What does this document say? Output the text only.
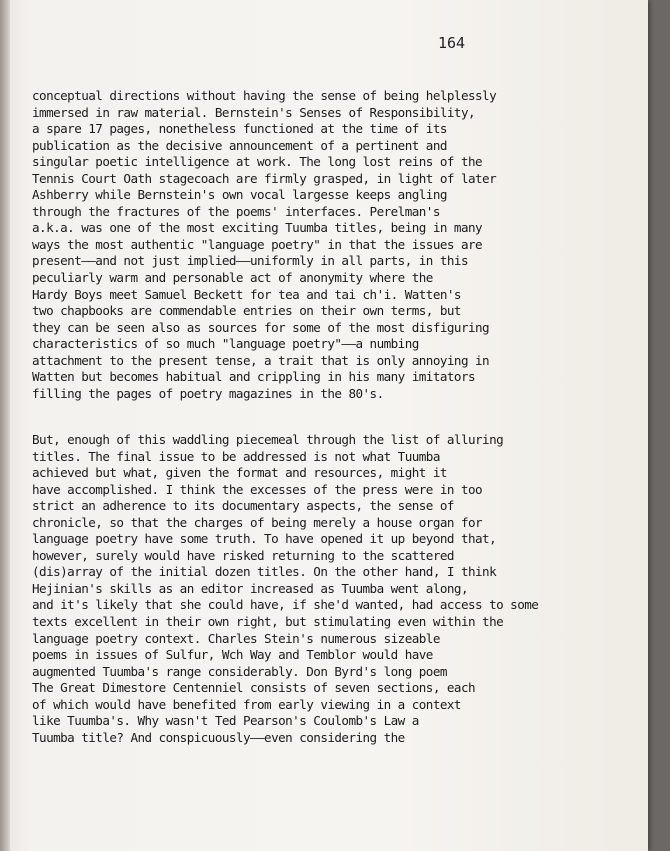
164
conceptual directions without having the sense of being helplessly
immersed in raw material. Bernstein's Senses of Responsibility,
a spare 17 pages, nonetheless functioned at the time of its
publication as the decisive announcement of a pertinent and
singular poetic intelligence at work. The long lost reins of the
Tennis Court Oath stagecoach are firmly grasped, in light of later
Ashberry while Bernstein's own vocal largesse keeps angling
through the fractures of the poems' interfaces. Perelman's
a.k.a. was one of the most exciting Tuumba titles, being in many
ways the most authentic "language poetry" in that the issues are
present——and not just implied——uniformly in all parts, in this
peculiarly warm and personable act of anonymity where the
Hardy Boys meet Samuel Beckett for tea and tai ch'i. Watten's
two chapbooks are commendable entries on their own terms, but
they can be seen also as sources for some of the most disfiguring
characteristics of so much "language poetry"——a numbing
attachment to the present tense, a trait that is only annoying in
Watten but becomes habitual and crippling in his many imitators
filling the pages of poetry magazines in the 80's.
But, enough of this waddling piecemeal through the list of alluring
titles. The final issue to be addressed is not what Tuumba
achieved but what, given the format and resources, might it
have accomplished. I think the excesses of the press were in too
strict an adherence to its documentary aspects, the sense of
chronicle, so that the charges of being merely a house organ for
language poetry have some truth. To have opened it up beyond that,
however, surely would have risked returning to the scattered
(dis)array of the initial dozen titles. On the other hand, I think
Hejinian's skills as an editor increased as Tuumba went along,
and it's likely that she could have, if she'd wanted, had access to some
texts excellent in their own right, but stimulating even within the
language poetry context. Charles Stein's numerous sizeable
poems in issues of Sulfur, Wch Way and Temblor would have
augmented Tuumba's range considerably. Don Byrd's long poem
The Great Dimestore Centenniel consists of seven sections, each
of which would have benefited from early viewing in a context
like Tuumba's. Why wasn't Ted Pearson's Coulomb's Law a
Tuumba title? And conspicuously——even considering the
